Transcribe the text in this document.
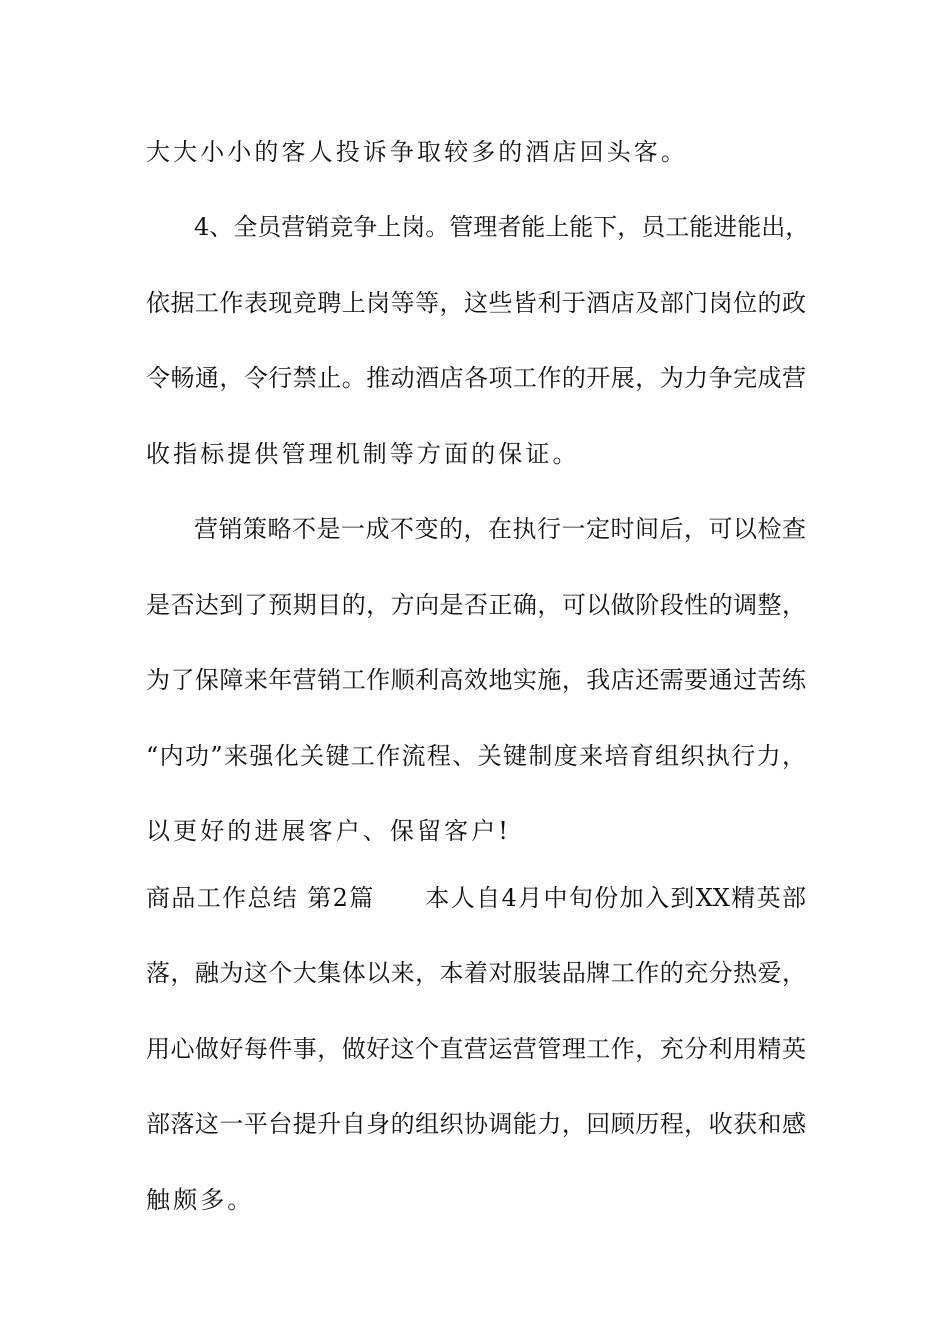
大大小小的客人投诉争取较多的酒店回头客。
4、全员营销竞争上岗。管理者能上能下，员工能进能出，
依据工作表现竞聘上岗等等，这些皆利于酒店及部门岗位的政
令畅通，令行禁止。推动酒店各项工作的开展，为力争完成营
收指标提供管理机制等方面的保证。
营销策略不是一成不变的，在执行一定时间后，可以检查
是否达到了预期目的，方向是否正确，可以做阶段性的调整，
为了保障来年营销工作顺利高效地实施，我店还需要通过苦练
“内功”来强化关键工作流程、关键制度来培育组织执行力，
以更好的进展客户、保留客户!
商品工作总结 第2篇　　本人自4月中旬份加入到XX精英部
落，融为这个大集体以来，本着对服装品牌工作的充分热爱，
用心做好每件事，做好这个直营运营管理工作，充分利用精英
部落这一平台提升自身的组织协调能力，回顾历程，收获和感
触颇多。
